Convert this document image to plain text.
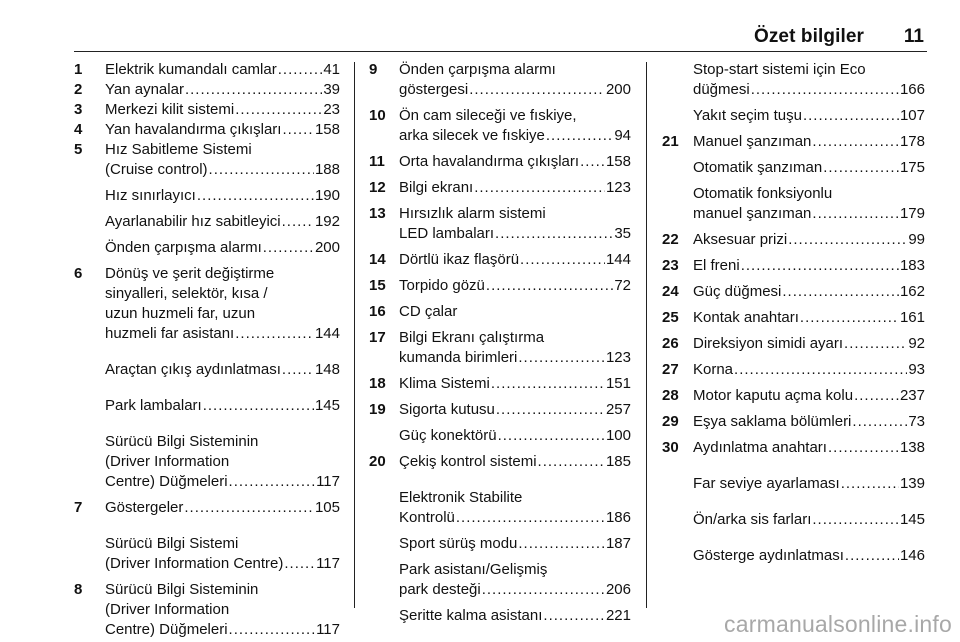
Özet bilgiler 11
1 Elektrik kumandalı camlar .....	41
2 Yan aynalar .....	39
3 Merkezi kilit sistemi .....	23
4 Yan havalandırma çıkışları ..... 158
5 Hız Sabitleme Sistemi
(Cruise control) .....	188
Hız sınırlayıcı .....	190
Ayarlanabilir hız sabitleyici ..... 192
Önden çarpışma alarmı .....	200
6 Dönüş ve şerit değiştirme
sinyalleri, selektör, kısa /
uzun huzmeli far, uzun
huzmeli far asistanı .....	144
Araçtan çıkış aydınlatması ..... 148
Park lambaları .....	145
Sürücü Bilgi Sisteminin
(Driver Information
Centre) Düğmeleri .....	117
7 Göstergeler .....	105
Sürücü Bilgi Sistemi
(Driver Information Centre) ..... 117
8 Sürücü Bilgi Sisteminin
(Driver Information
Centre) Düğmeleri .....	117
9 Önden çarpışma alarmı
göstergesi .....	200
10 Ön cam sileceği ve fıskiye,
arka silecek ve fıskiye .....	94
11 Orta havalandırma çıkışları ..... 158
12 Bilgi ekranı .....	123
13 Hırsızlık alarm sistemi
LED lambaları .....	35
14 Dörtlü ikaz flaşörü .....	144
15 Torpido gözü .....	72
16 CD çalar
17 Bilgi Ekranı çalıştırma
kumanda birimleri .....	123
18 Klima Sistemi .....	151
19 Sigorta kutusu .....	257
Güç konektörü .....	100
20 Çekiş kontrol sistemi .....	185
Elektronik Stabilite
Kontrolü .....	186
Sport sürüş modu .....	187
Park asistanı/Gelişmiş
park desteği .....	206
Şeritte kalma asistanı .....	221
Stop-start sistemi için Eco
düğmesi .....	166
Yakıt seçim tuşu .....	107
21 Manuel şanzıman .....	178
Otomatik şanzıman .....	175
Otomatik fonksiyonlu
manuel şanzıman .....	179
22 Aksesuar prizi .....	99
23 El freni .....	183
24 Güç düğmesi .....	162
25 Kontak anahtarı .....	161
26 Direksiyon simidi ayarı .....	92
27 Korna .....	93
28 Motor kaputu açma kolu .....	237
29 Eşya saklama bölümleri .....	73
30 Aydınlatma anahtarı .....	138
Far seviye ayarlaması .....	139
Ön/arka sis farları .....	145
Gösterge aydınlatması .....	146
carmanualsonline.info
